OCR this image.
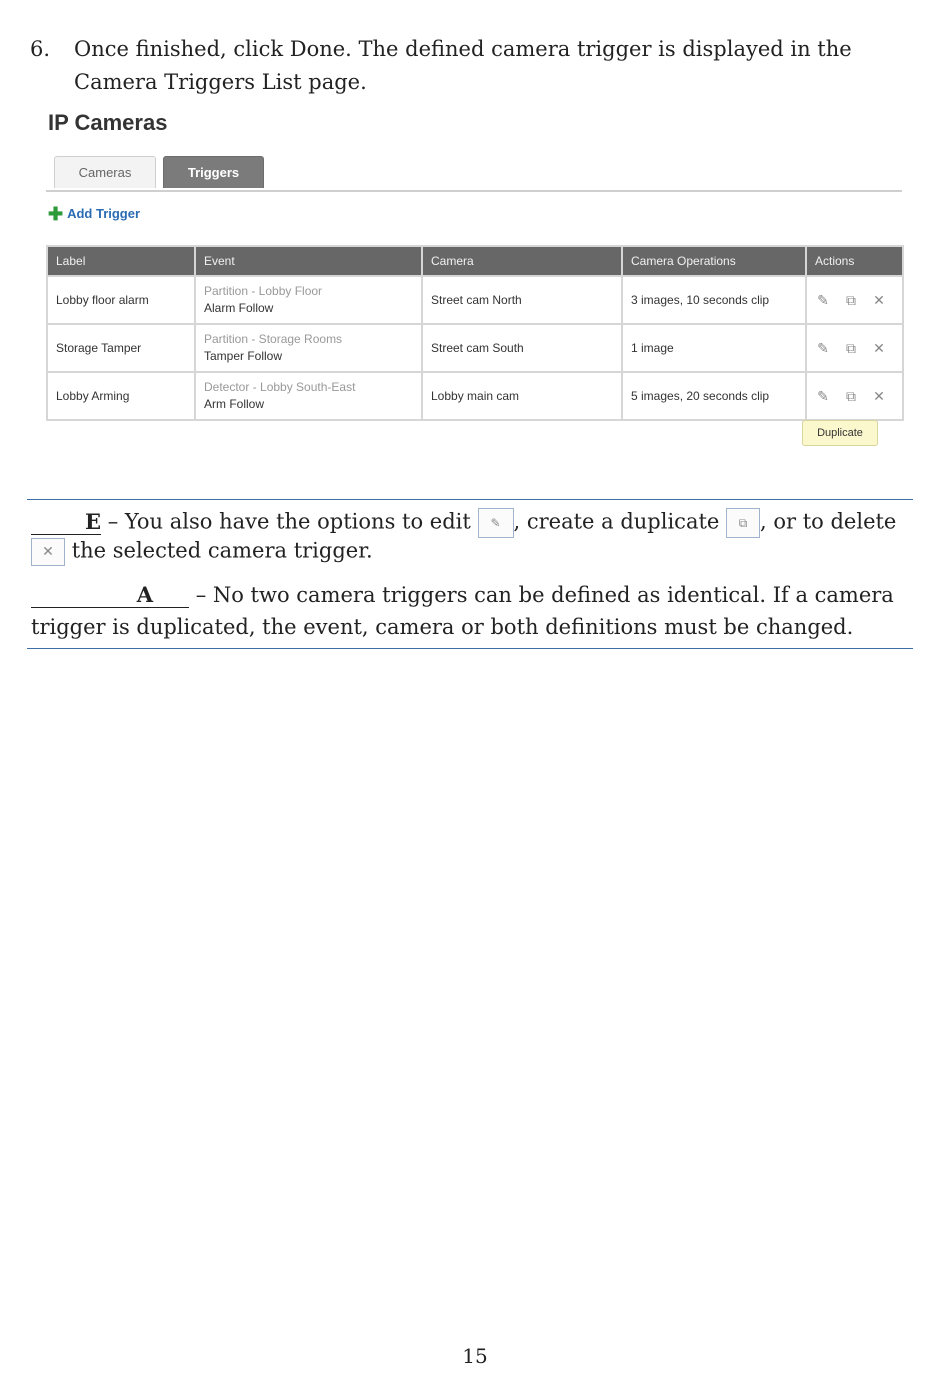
6. Once finished, click Done. The defined camera trigger is displayed in the
Camera Triggers List page.
IP Cameras
Cameras	Triggers
✚ Add Trigger
Label	Event	Camera	Camera Operations	Actions
Lobby floor alarm	Partition - Lobby Floor
Alarm Follow	Street cam North	3 images, 10 seconds clip	✎ ⧉ ✕

Storage Tamper	Partition - Storage Rooms
Tamper Follow	Street cam South	1 image	✎ ⧉ ✕

Lobby Arming	Detector - Lobby South-East
Arm Follow	Lobby main cam	5 images, 20 seconds clip	✎ ⧉ ✕
Duplicate
E – You also have the options to edit ✎ , create a duplicate ⧉ , or to delete
✕ the selected camera trigger.
A – No two camera triggers can be defined as identical. If a camera
trigger is duplicated, the event, camera or both definitions must be changed.
15
